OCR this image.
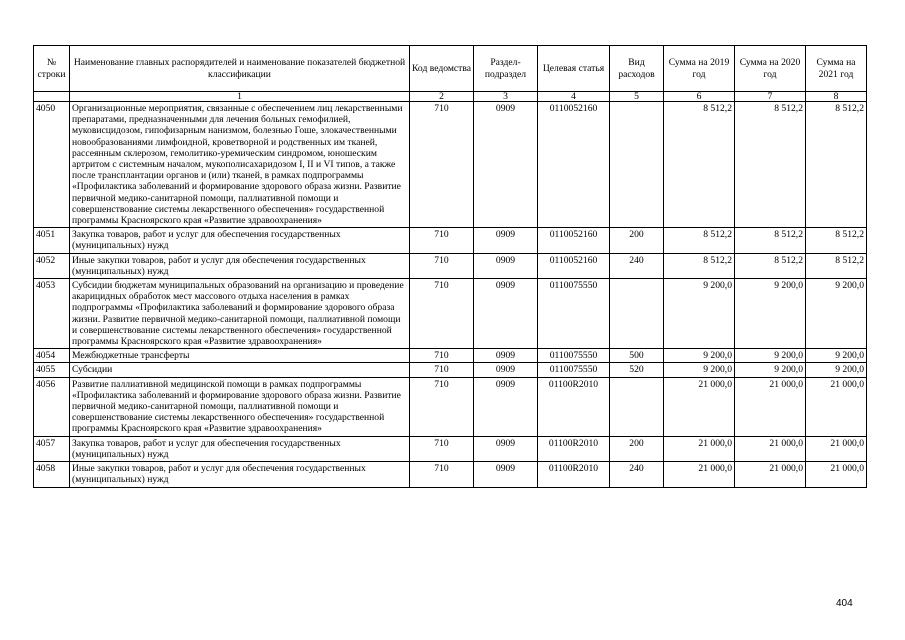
№ строки	Наименование главных распорядителей и наименование показателей бюджетной классификации	Код ведомства	Раздел-подраздел	Целевая статья	Вид расходов	Сумма на 2019 год	Сумма на 2020 год	Сумма на 2021 год
	1	2	3	4	5	6	7	8
4050	Организационные мероприятия, связанные с обеспечением лиц лекарственными препаратами, предназначенными для лечения больных гемофилией, муковисцидозом, гипофизарным нанизмом, болезнью Гоше, злокачественными новообразованиями лимфоидной, кроветворной и родственных им тканей, рассеянным склерозом, гемолитико-уремическим синдромом, юношеским артритом с системным началом, мукополисахаридозом I, II и VI типов, а также после трансплантации органов и (или) тканей, в рамках подпрограммы «Профилактика заболеваний и формирование здорового образа жизни. Развитие первичной медико-санитарной помощи, паллиативной помощи и совершенствование системы лекарственного обеспечения» государственной программы Красноярского края «Развитие здравоохранения»	710	0909	0110052160		8 512,2	8 512,2	8 512,2
4051	Закупка товаров, работ и услуг для обеспечения государственных (муниципальных) нужд	710	0909	0110052160	200	8 512,2	8 512,2	8 512,2
4052	Иные закупки товаров, работ и услуг для обеспечения государственных (муниципальных) нужд	710	0909	0110052160	240	8 512,2	8 512,2	8 512,2
4053	Субсидии бюджетам муниципальных образований на организацию и проведение акарицидных обработок мест массового отдыха населения в рамках подпрограммы «Профилактика заболеваний и формирование здорового образа жизни. Развитие первичной медико-санитарной помощи, паллиативной помощи и совершенствование системы лекарственного обеспечения» государственной программы Красноярского края «Развитие здравоохранения»	710	0909	0110075550		9 200,0	9 200,0	9 200,0
4054	Межбюджетные трансферты	710	0909	0110075550	500	9 200,0	9 200,0	9 200,0
4055	Субсидии	710	0909	0110075550	520	9 200,0	9 200,0	9 200,0
4056	Развитие паллиативной медицинской помощи в рамках подпрограммы «Профилактика заболеваний и формирование здорового образа жизни. Развитие первичной медико-санитарной помощи, паллиативной помощи и совершенствование системы лекарственного обеспечения» государственной программы Красноярского края «Развитие здравоохранения»	710	0909	01100R2010		21 000,0	21 000,0	21 000,0
4057	Закупка товаров, работ и услуг для обеспечения государственных (муниципальных) нужд	710	0909	01100R2010	200	21 000,0	21 000,0	21 000,0
4058	Иные закупки товаров, работ и услуг для обеспечения государственных (муниципальных) нужд	710	0909	01100R2010	240	21 000,0	21 000,0	21 000,0
404
